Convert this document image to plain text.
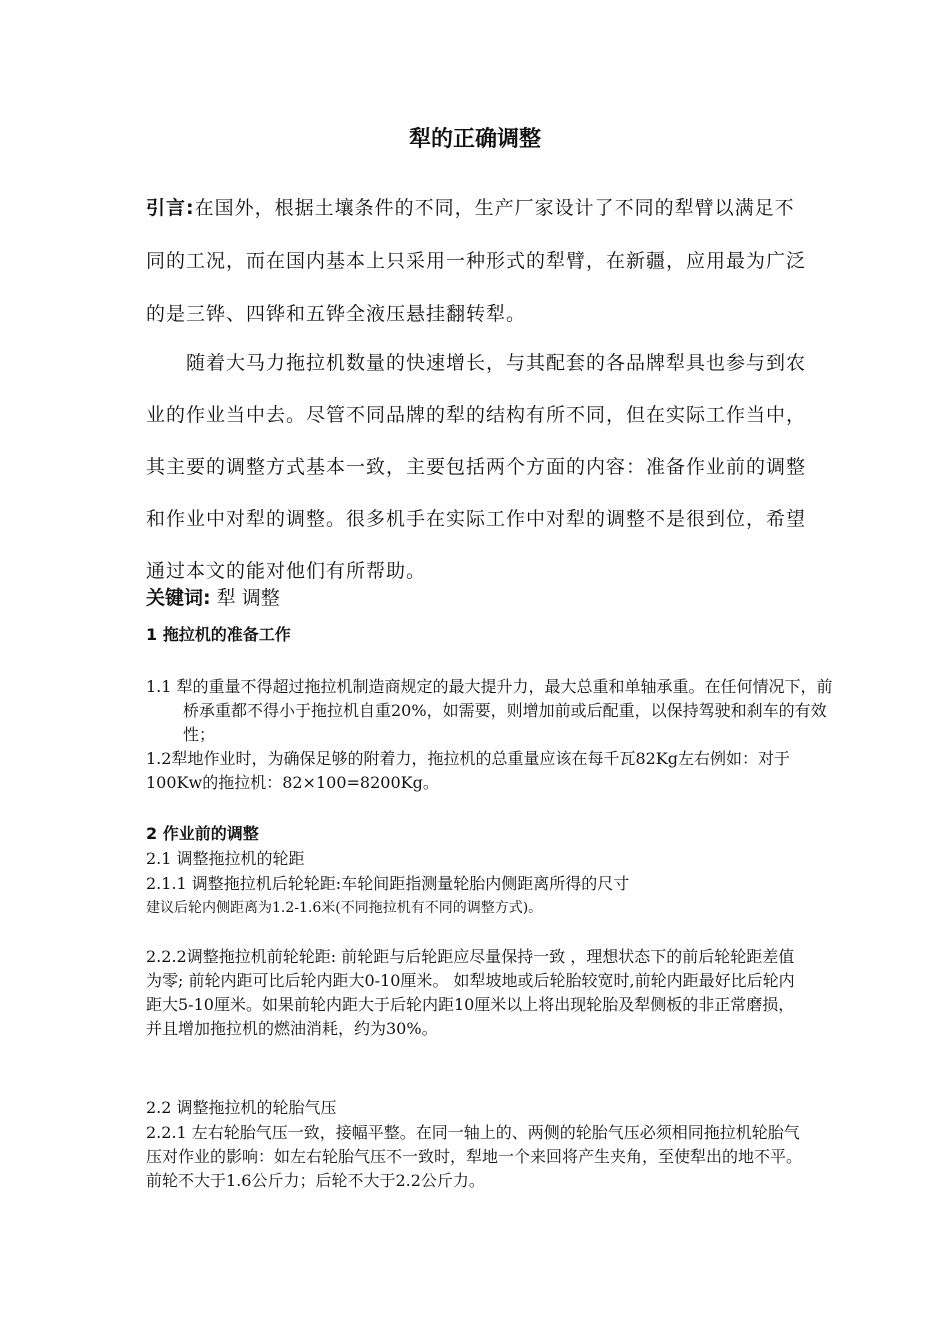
犁的正确调整

引言:在国外，根据土壤条件的不同，生产厂家设计了不同的犁臂以满足不同的工况，而在国内基本上只采用一种形式的犁臂，在新疆，应用最为广泛的是三铧、四铧和五铧全液压悬挂翻转犁。

随着大马力拖拉机数量的快速增长，与其配套的各品牌犁具也参与到农业的作业当中去。尽管不同品牌的犁的结构有所不同，但在实际工作当中，其主要的调整方式基本一致，主要包括两个方面的内容：准备作业前的调整和作业中对犁的调整。很多机手在实际工作中对犁的调整不是很到位，希望通过本文的能对他们有所帮助。

关键词: 犁 调整

1 拖拉机的准备工作

1.1 犁的重量不得超过拖拉机制造商规定的最大提升力，最大总重和单轴承重。在任何情况下，前桥承重都不得小于拖拉机自重20%，如需要，则增加前或后配重，以保持驾驶和刹车的有效性；

1.2犁地作业时，为确保足够的附着力，拖拉机的总重量应该在每千瓦82Kg左右例如：对于100Kw的拖拉机：82×100=8200Kg。

2 作业前的调整

2.1 调整拖拉机的轮距

2.1.1 调整拖拉机后轮轮距:车轮间距指测量轮胎内侧距离所得的尺寸

建议后轮内侧距离为1.2-1.6米(不同拖拉机有不同的调整方式)。

2.2.2调整拖拉机前轮轮距: 前轮距与后轮距应尽量保持一致 ，理想状态下的前后轮轮距差值为零; 前轮内距可比后轮内距大0-10厘米。 如犁坡地或后轮胎较宽时,前轮内距最好比后轮内距大5-10厘米。如果前轮内距大于后轮内距10厘米以上将出现轮胎及犁侧板的非正常磨损，并且增加拖拉机的燃油消耗，约为30%。

2.2 调整拖拉机的轮胎气压

2.2.1 左右轮胎气压一致，接幅平整。在同一轴上的、两侧的轮胎气压必须相同拖拉机轮胎气压对作业的影响：如左右轮胎气压不一致时，犁地一个来回将产生夹角，至使犁出的地不平。前轮不大于1.6公斤力；后轮不大于2.2公斤力。
